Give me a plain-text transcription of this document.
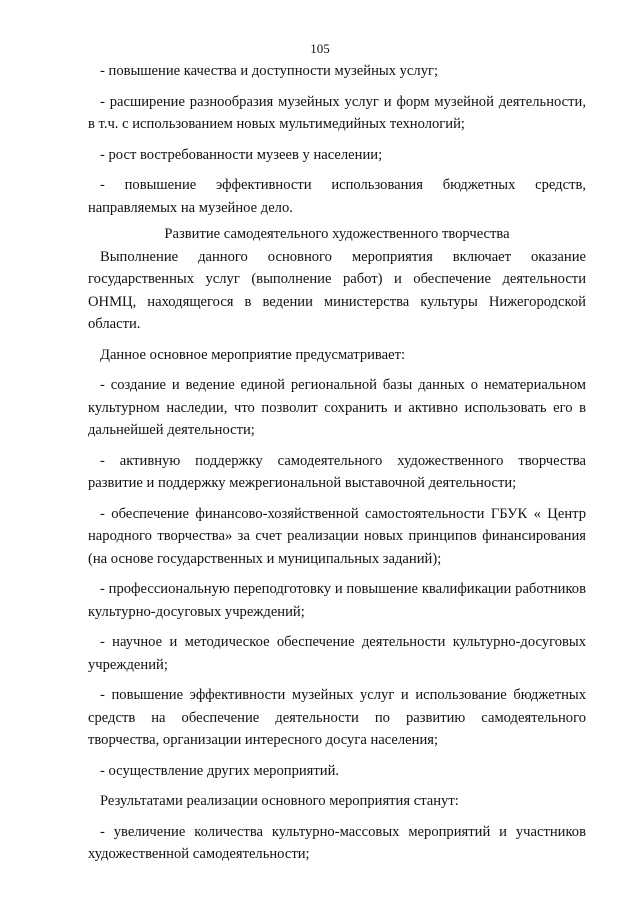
105

- повышение качества и доступности музейных услуг;

- расширение разнообразия музейных услуг и форм музейной деятельности, в т.ч. с использованием новых мультимедийных технологий;

- рост востребованности музеев у населении;

- повышение эффективности использования бюджетных средств, направляемых на музейное дело.

Развитие самодеятельного художественного творчества

Выполнение данного основного мероприятия включает оказание государственных услуг (выполнение работ) и обеспечение деятельности ОНМЦ, находящегося в ведении министерства культуры Нижегородской области.

Данное основное мероприятие предусматривает:

- создание и ведение единой региональной базы данных о нематериальном культурном наследии, что позволит сохранить и активно использовать его в дальнейшей деятельности;

- активную поддержку самодеятельного художественного творчества развитие и поддержку межрегиональной выставочной деятельности;

- обеспечение финансово-хозяйственной самостоятельности ГБУК « Центр народного творчества» за счет реализации новых принципов финансирования (на основе государственных и муниципальных заданий);

- профессиональную переподготовку и повышение квалификации работников культурно-досуговых учреждений;

- научное и методическое обеспечение деятельности культурно-досуговых учреждений;

- повышение эффективности музейных услуг и использование бюджетных средств на обеспечение деятельности по развитию самодеятельного творчества, организации интересного досуга населения;

- осуществление других мероприятий.

Результатами реализации основного мероприятия станут:

- увеличение количества культурно-массовых мероприятий и участников художественной самодеятельности;
